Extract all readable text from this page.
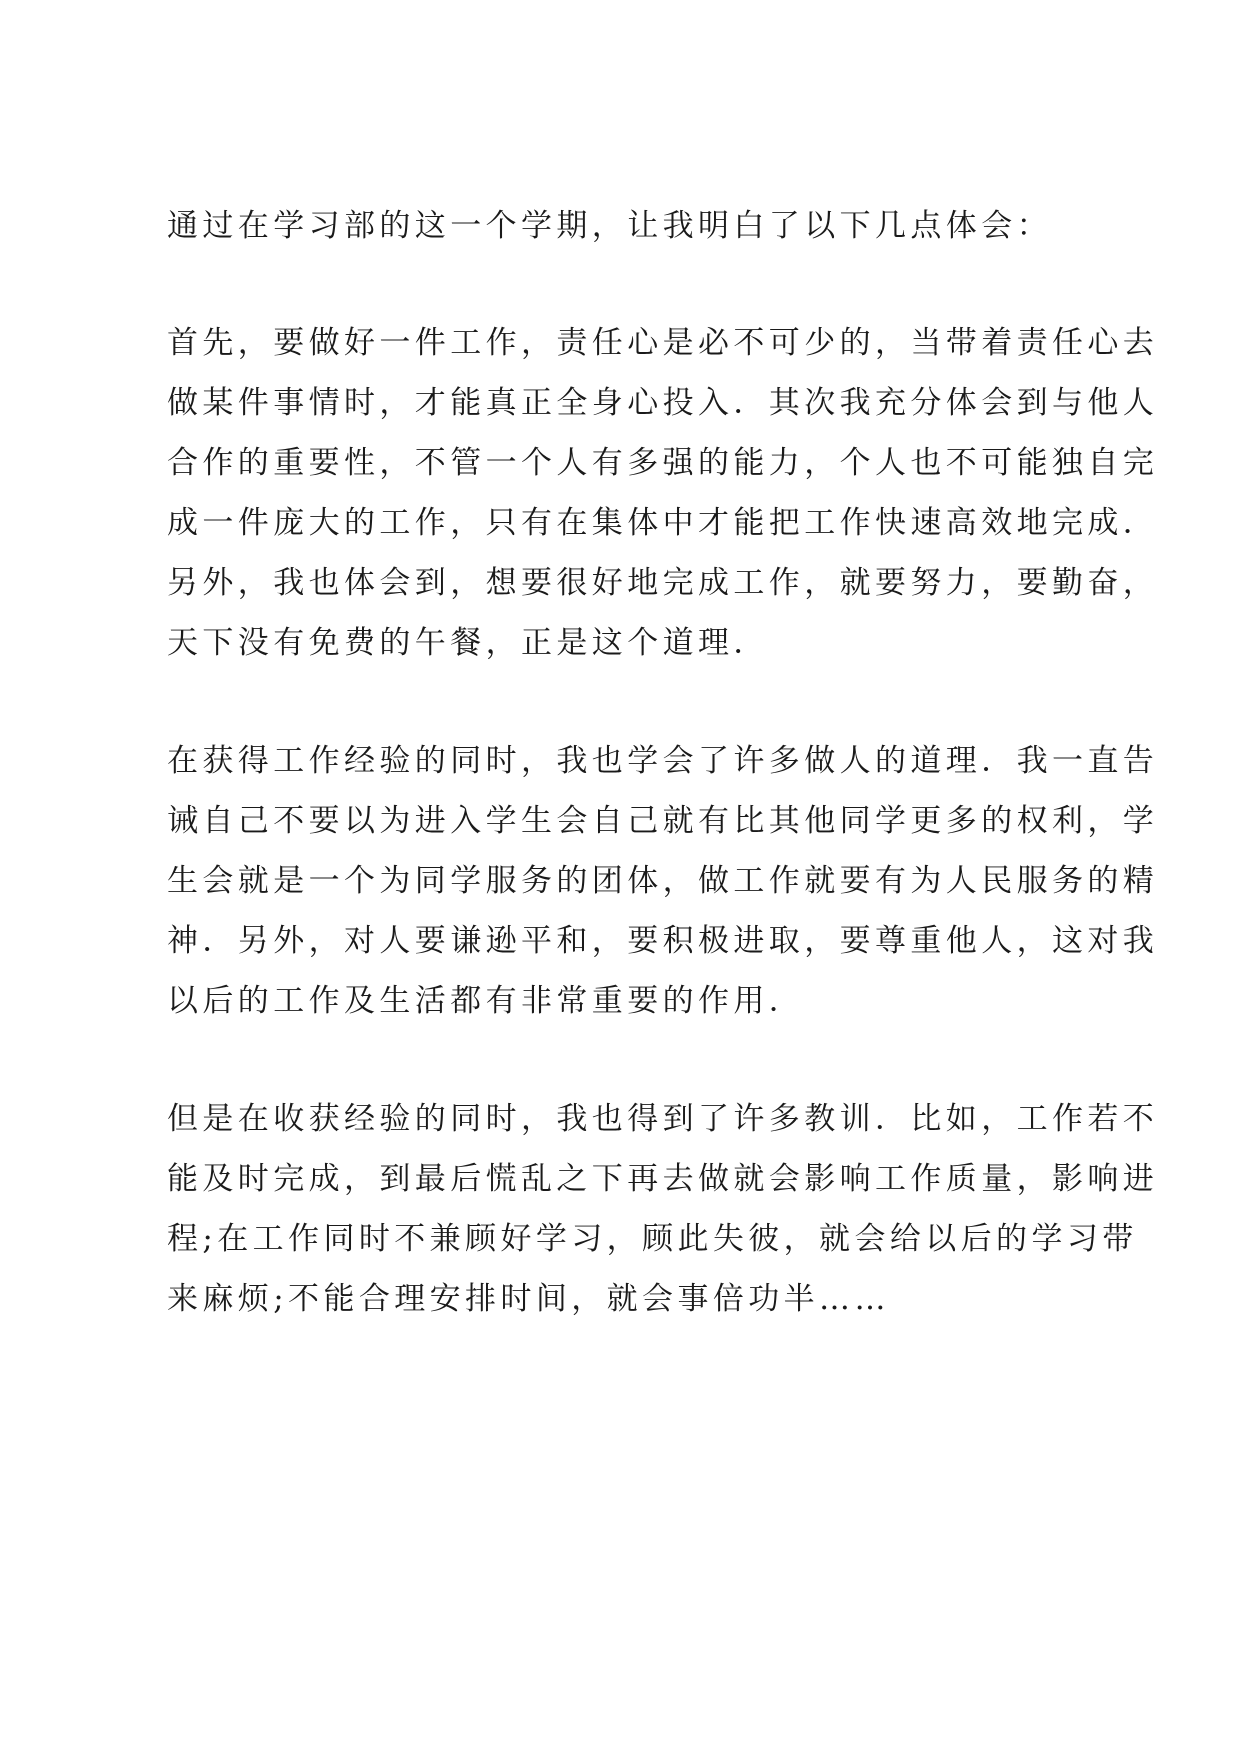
通过在学习部的这一个学期，让我明白了以下几点体会：
首先，要做好一件工作，责任心是必不可少的，当带着责任心去
做某件事情时，才能真正全身心投入．其次我充分体会到与他人
合作的重要性，不管一个人有多强的能力，个人也不可能独自完
成一件庞大的工作，只有在集体中才能把工作快速高效地完成．
另外，我也体会到，想要很好地完成工作，就要努力，要勤奋，
天下没有免费的午餐，正是这个道理．
在获得工作经验的同时，我也学会了许多做人的道理．我一直告
诫自己不要以为进入学生会自己就有比其他同学更多的权利，学
生会就是一个为同学服务的团体，做工作就要有为人民服务的精
神．另外，对人要谦逊平和，要积极进取，要尊重他人，这对我
以后的工作及生活都有非常重要的作用．
但是在收获经验的同时，我也得到了许多教训．比如，工作若不
能及时完成，到最后慌乱之下再去做就会影响工作质量，影响进
程;在工作同时不兼顾好学习，顾此失彼，就会给以后的学习带
来麻烦;不能合理安排时间，就会事倍功半……
